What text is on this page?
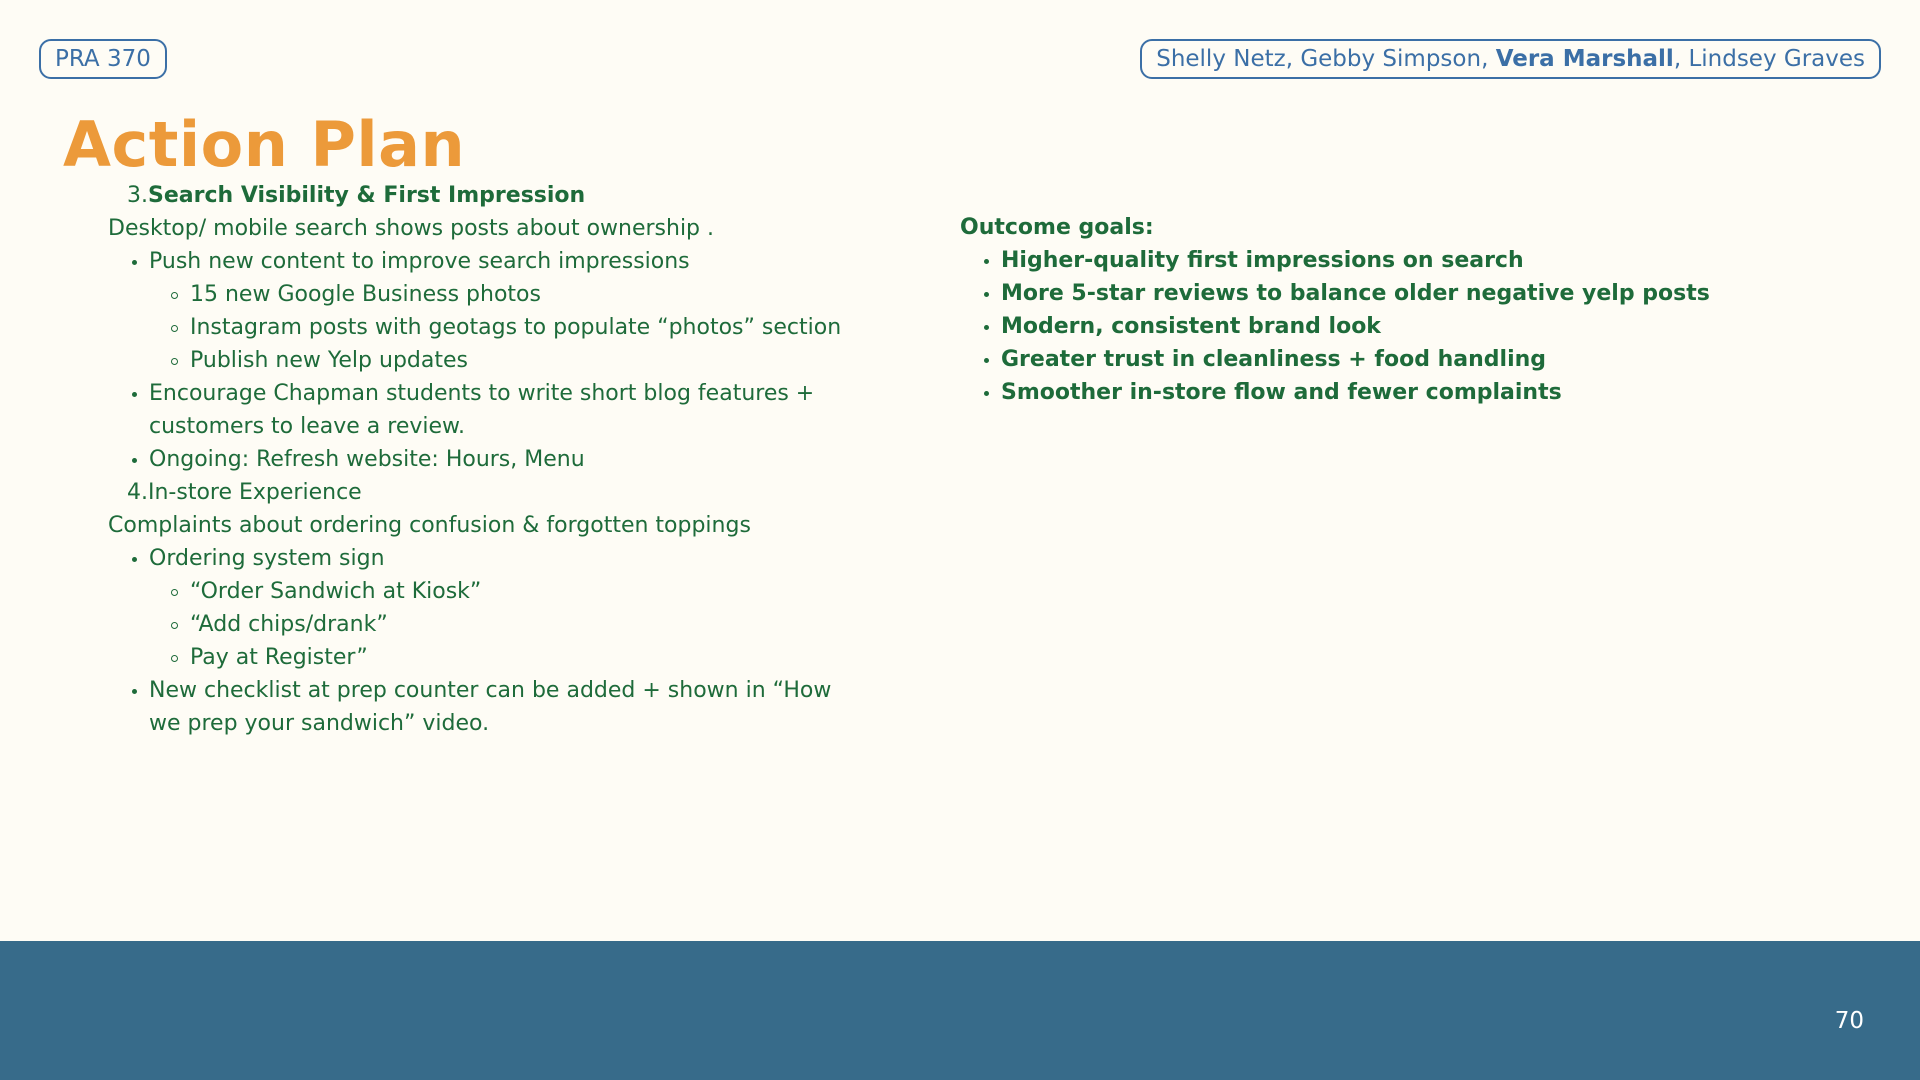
PRA 370	Shelly Netz, Gebby Simpson, Vera Marshall, Lindsey Graves
Action Plan
3. Search Visibility & First Impression
Desktop/ mobile search shows posts about ownership .
Push new content to improve search impressions
15 new Google Business photos
Instagram posts with geotags to populate “photos” section
Publish new Yelp updates
Encourage Chapman students to write short blog features +
customers to leave a review.
Ongoing: Refresh website: Hours, Menu
4. In-store Experience
Complaints about ordering confusion & forgotten toppings
Ordering system sign
“Order Sandwich at Kiosk”
“Add chips/drank”
Pay at Register”
New checklist at prep counter can be added + shown in “How
we prep your sandwich” video.
Outcome goals:
Higher-quality first impressions on search
More 5-star reviews to balance older negative yelp posts
Modern, consistent brand look
Greater trust in cleanliness + food handling
Smoother in-store flow and fewer complaints
70
